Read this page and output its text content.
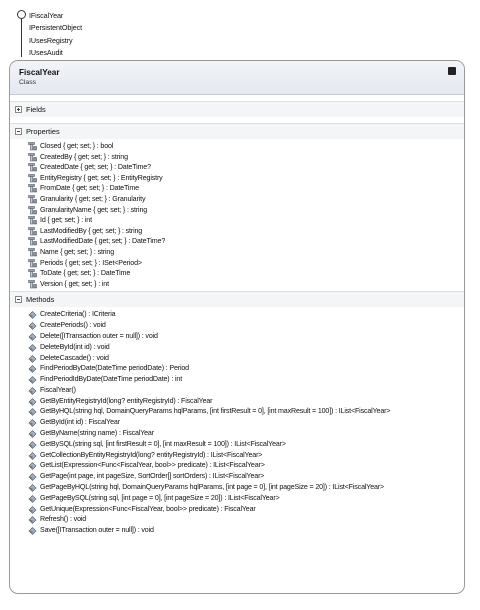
IFiscalYear
IPersistentObject
IUsesRegistry
IUsesAudit
FiscalYear
Class
Fields
Properties
Closed { get; set; } : bool
CreatedBy { get; set; } : string
CreatedDate { get; set; } : DateTime?
EntityRegistry { get; set; } : EntityRegistry
FromDate { get; set; } : DateTime
Granularity { get; set; } : Granularity
GranularityName { get; set; } : string
Id { get; set; } : int
LastModifiedBy { get; set; } : string
LastModifiedDate { get; set; } : DateTime?
Name { get; set; } : string
Periods { get; set; } : ISet<Period>
ToDate { get; set; } : DateTime
Version { get; set; } : int
Methods
CreateCriteria() : ICriteria
CreatePeriods() : void
Delete([ITransaction outer = null]) : void
DeleteById(int id) : void
DeleteCascade() : void
FindPeriodByDate(DateTime periodDate) : Period
FindPeriodIdByDate(DateTime periodDate) : int
FiscalYear()
GetByEntityRegistryId(long? entityRegistryId) : FiscalYear
GetByHQL(string hql, DomainQueryParams hqlParams, [int firstResult = 0], [int maxResult = 100]) : IList<FiscalYear>
GetById(int id) : FiscalYear
GetByName(string name) : FiscalYear
GetBySQL(string sql, [int firstResult = 0], [int maxResult = 100]) : IList<FiscalYear>
GetCollectionByEntityRegistryId(long? entityRegistryId) : IList<FiscalYear>
GetList(Expression<Func<FiscalYear, bool>> predicate) : IList<FiscalYear>
GetPage(int page, int pageSize, SortOrder[] sortOrders) : IList<FiscalYear>
GetPageByHQL(string hql, DomainQueryParams hqlParams, [int page = 0], [int pageSize = 20]) : IList<FiscalYear>
GetPageBySQL(string sql, [int page = 0], [int pageSize = 20]) : IList<FiscalYear>
GetUnique(Expression<Func<FiscalYear, bool>> predicate) : FiscalYear
Refresh() : void
Save([ITransaction outer = null]) : void
